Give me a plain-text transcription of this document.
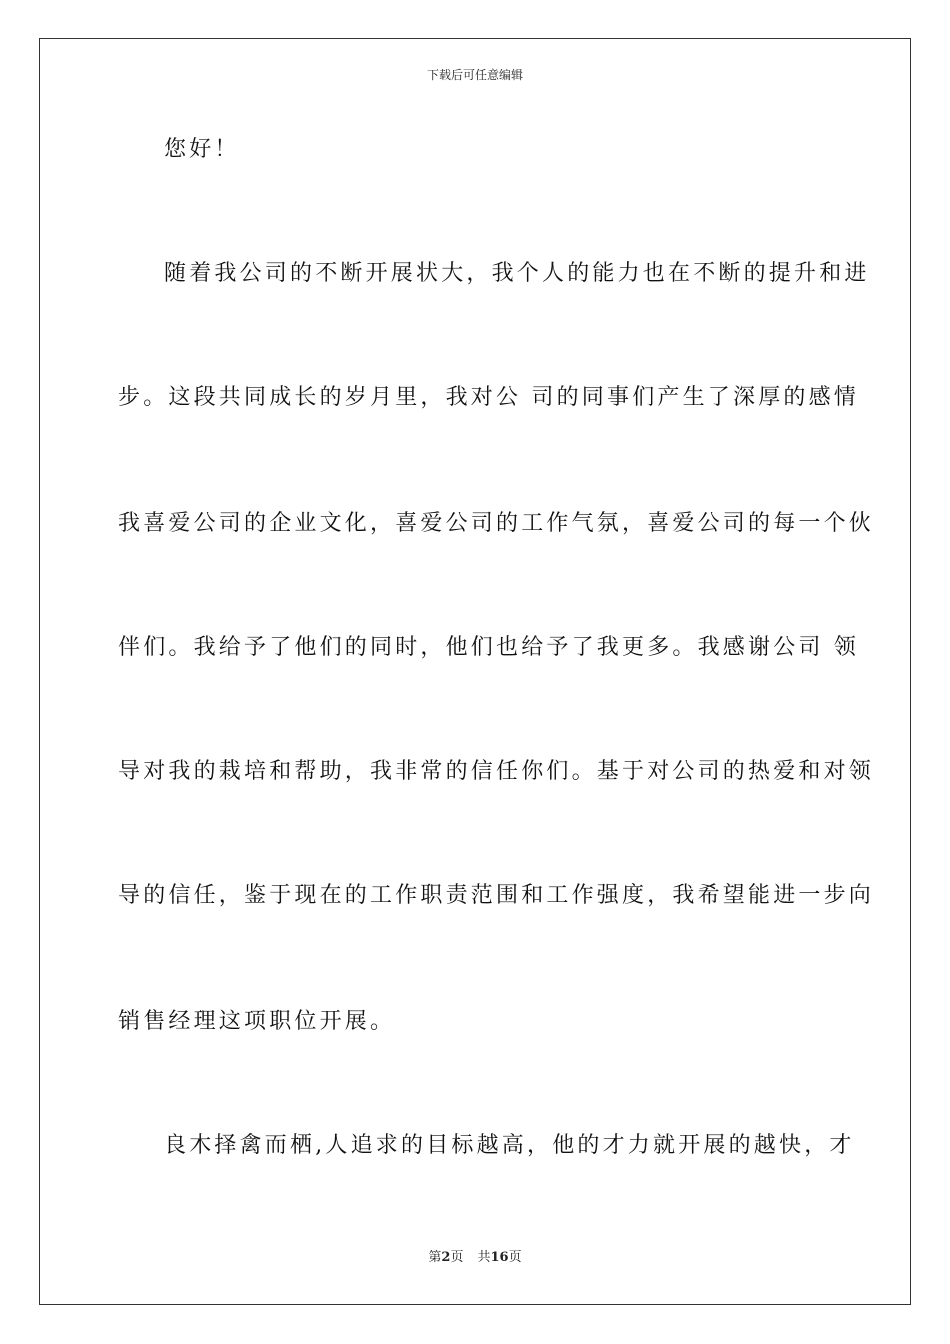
下载后可任意编辑
您好！
随着我公司的不断开展状大，我个人的能力也在不断的提升和进
步。这段共同成长的岁月里，我对公 司的同事们产生了深厚的感情
我喜爱公司的企业文化，喜爱公司的工作气氛，喜爱公司的每一个伙
伴们。我给予了他们的同时，他们也给予了我更多。我感谢公司 领
导对我的栽培和帮助，我非常的信任你们。基于对公司的热爱和对领
导的信任，鉴于现在的工作职责范围和工作强度，我希望能进一步向
销售经理这项职位开展。
良木择禽而栖,人追求的目标越高，他的才力就开展的越快，才
第2页 共16页
